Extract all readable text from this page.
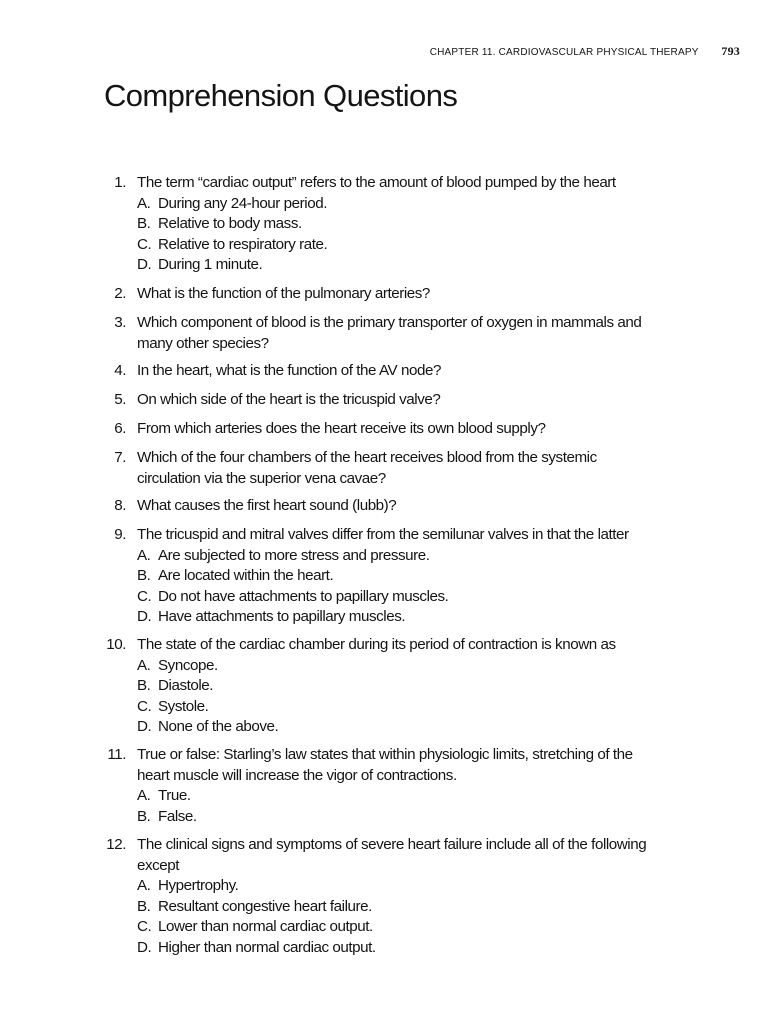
CHAPTER 11. CARDIOVASCULAR PHYSICAL THERAPY 793
Comprehension Questions
1. The term “cardiac output” refers to the amount of blood pumped by the heart
A. During any 24-hour period.
B. Relative to body mass.
C. Relative to respiratory rate.
D. During 1 minute.
2. What is the function of the pulmonary arteries?
3. Which component of blood is the primary transporter of oxygen in mammals and many other species?
4. In the heart, what is the function of the AV node?
5. On which side of the heart is the tricuspid valve?
6. From which arteries does the heart receive its own blood supply?
7. Which of the four chambers of the heart receives blood from the systemic circulation via the superior vena cavae?
8. What causes the first heart sound (lubb)?
9. The tricuspid and mitral valves differ from the semilunar valves in that the latter
A. Are subjected to more stress and pressure.
B. Are located within the heart.
C. Do not have attachments to papillary muscles.
D. Have attachments to papillary muscles.
10. The state of the cardiac chamber during its period of contraction is known as
A. Syncope.
B. Diastole.
C. Systole.
D. None of the above.
11. True or false: Starling’s law states that within physiologic limits, stretching of the heart muscle will increase the vigor of contractions.
A. True.
B. False.
12. The clinical signs and symptoms of severe heart failure include all of the following except
A. Hypertrophy.
B. Resultant congestive heart failure.
C. Lower than normal cardiac output.
D. Higher than normal cardiac output.
